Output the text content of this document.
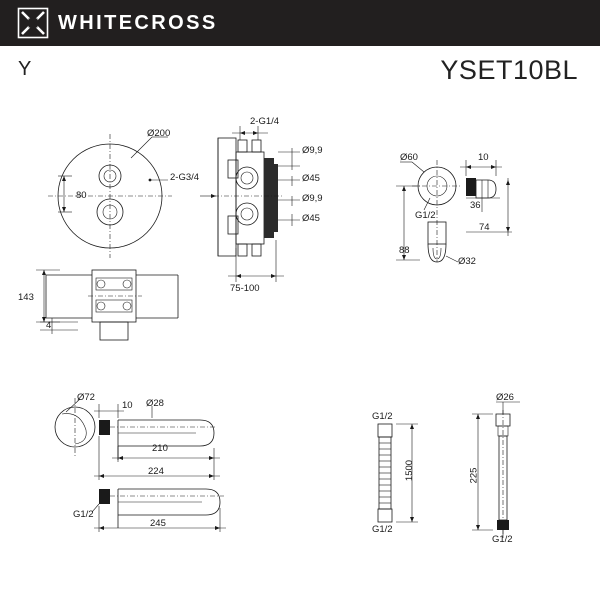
WHITECROSS
Y	YSET10BL
Ø200
80
2-G3/4
2-G1/4
Ø9,9
Ø45
Ø9,9
Ø45
75-100
143
4
Ø60	10
G1/2
36
74
88
Ø32
Ø72
10 Ø28
210
224
G1/2
245
G1/2
1500
G1/2
Ø26
225
G1/2
